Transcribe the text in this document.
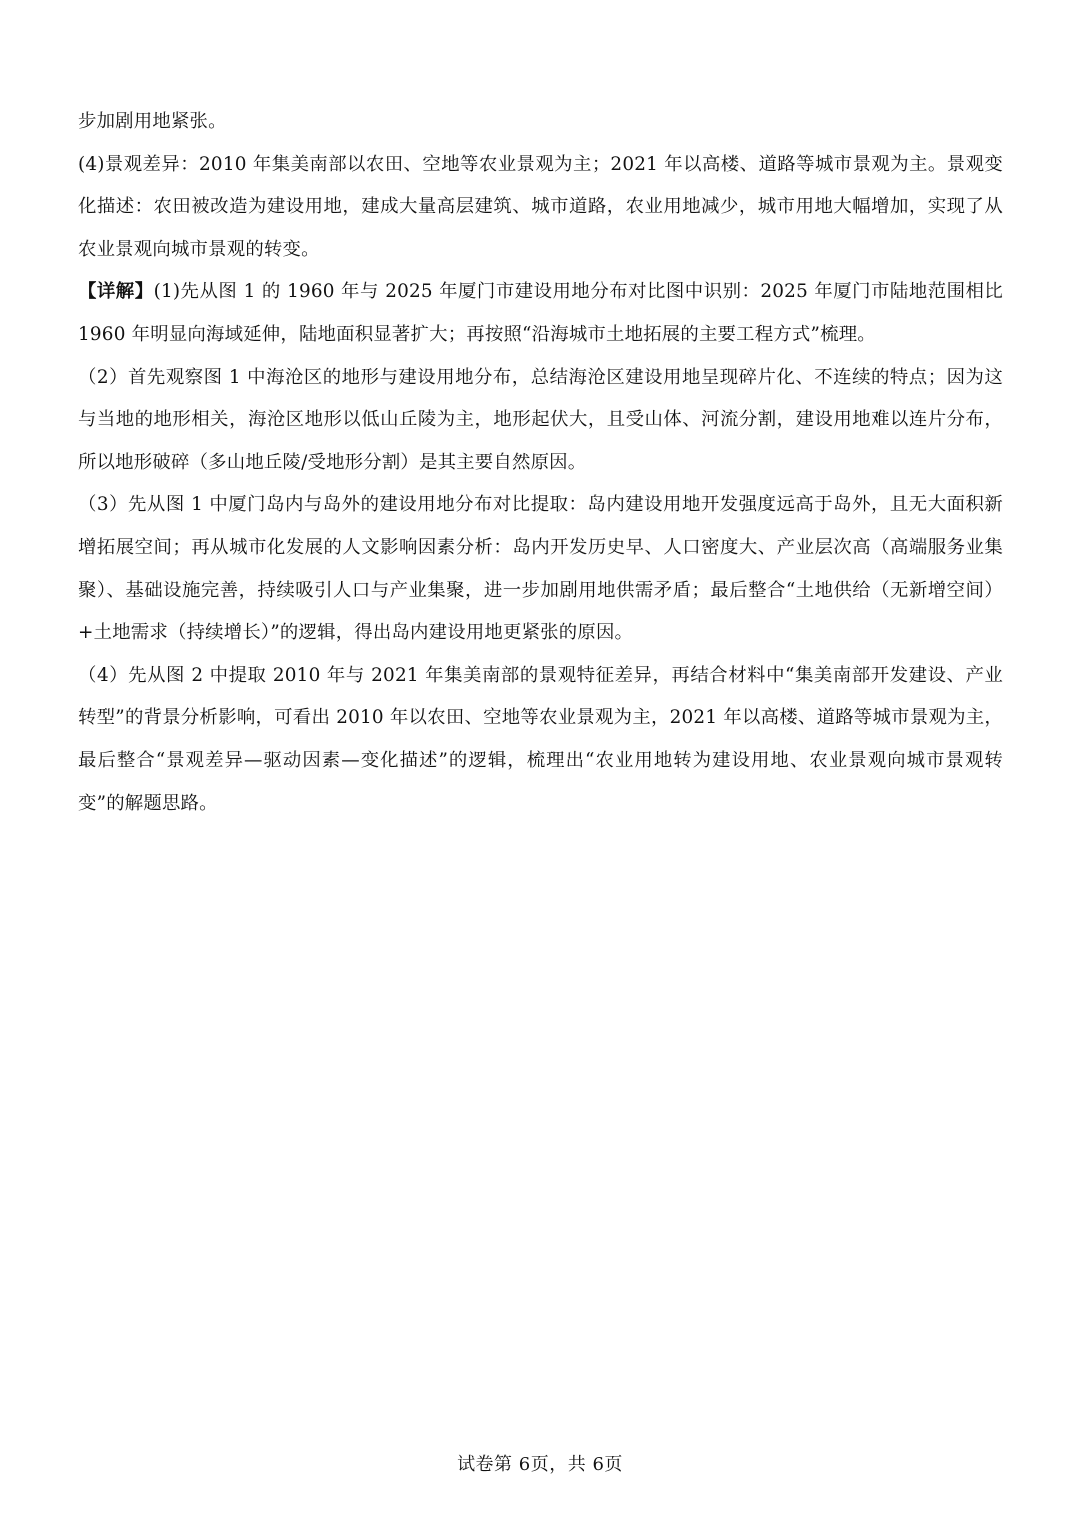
步加剧用地紧张。

(4)景观差异：2010 年集美南部以农田、空地等农业景观为主；2021 年以高楼、道路等城市景观为主。景观变化描述：农田被改造为建设用地，建成大量高层建筑、城市道路，农业用地减少，城市用地大幅增加，实现了从农业景观向城市景观的转变。

【详解】(1)先从图 1 的 1960 年与 2025 年厦门市建设用地分布对比图中识别：2025 年厦门市陆地范围相比 1960 年明显向海域延伸，陆地面积显著扩大；再按照“沿海城市土地拓展的主要工程方式”梳理。

（2）首先观察图 1 中海沧区的地形与建设用地分布，总结海沧区建设用地呈现碎片化、不连续的特点；因为这与当地的地形相关，海沧区地形以低山丘陵为主，地形起伏大，且受山体、河流分割，建设用地难以连片分布，所以地形破碎（多山地丘陵/受地形分割）是其主要自然原因。

（3）先从图 1 中厦门岛内与岛外的建设用地分布对比提取：岛内建设用地开发强度远高于岛外，且无大面积新增拓展空间；再从城市化发展的人文影响因素分析：岛内开发历史早、人口密度大、产业层次高（高端服务业集聚）、基础设施完善，持续吸引人口与产业集聚，进一步加剧用地供需矛盾；最后整合“土地供给（无新增空间）+土地需求（持续增长）”的逻辑，得出岛内建设用地更紧张的原因。

（4）先从图 2 中提取 2010 年与 2021 年集美南部的景观特征差异，再结合材料中“集美南部开发建设、产业转型”的背景分析影响，可看出 2010 年以农田、空地等农业景观为主，2021 年以高楼、道路等城市景观为主，最后整合“景观差异—驱动因素—变化描述”的逻辑，梳理出“农业用地转为建设用地、农业景观向城市景观转变”的解题思路。

试卷第 6页，共 6页
